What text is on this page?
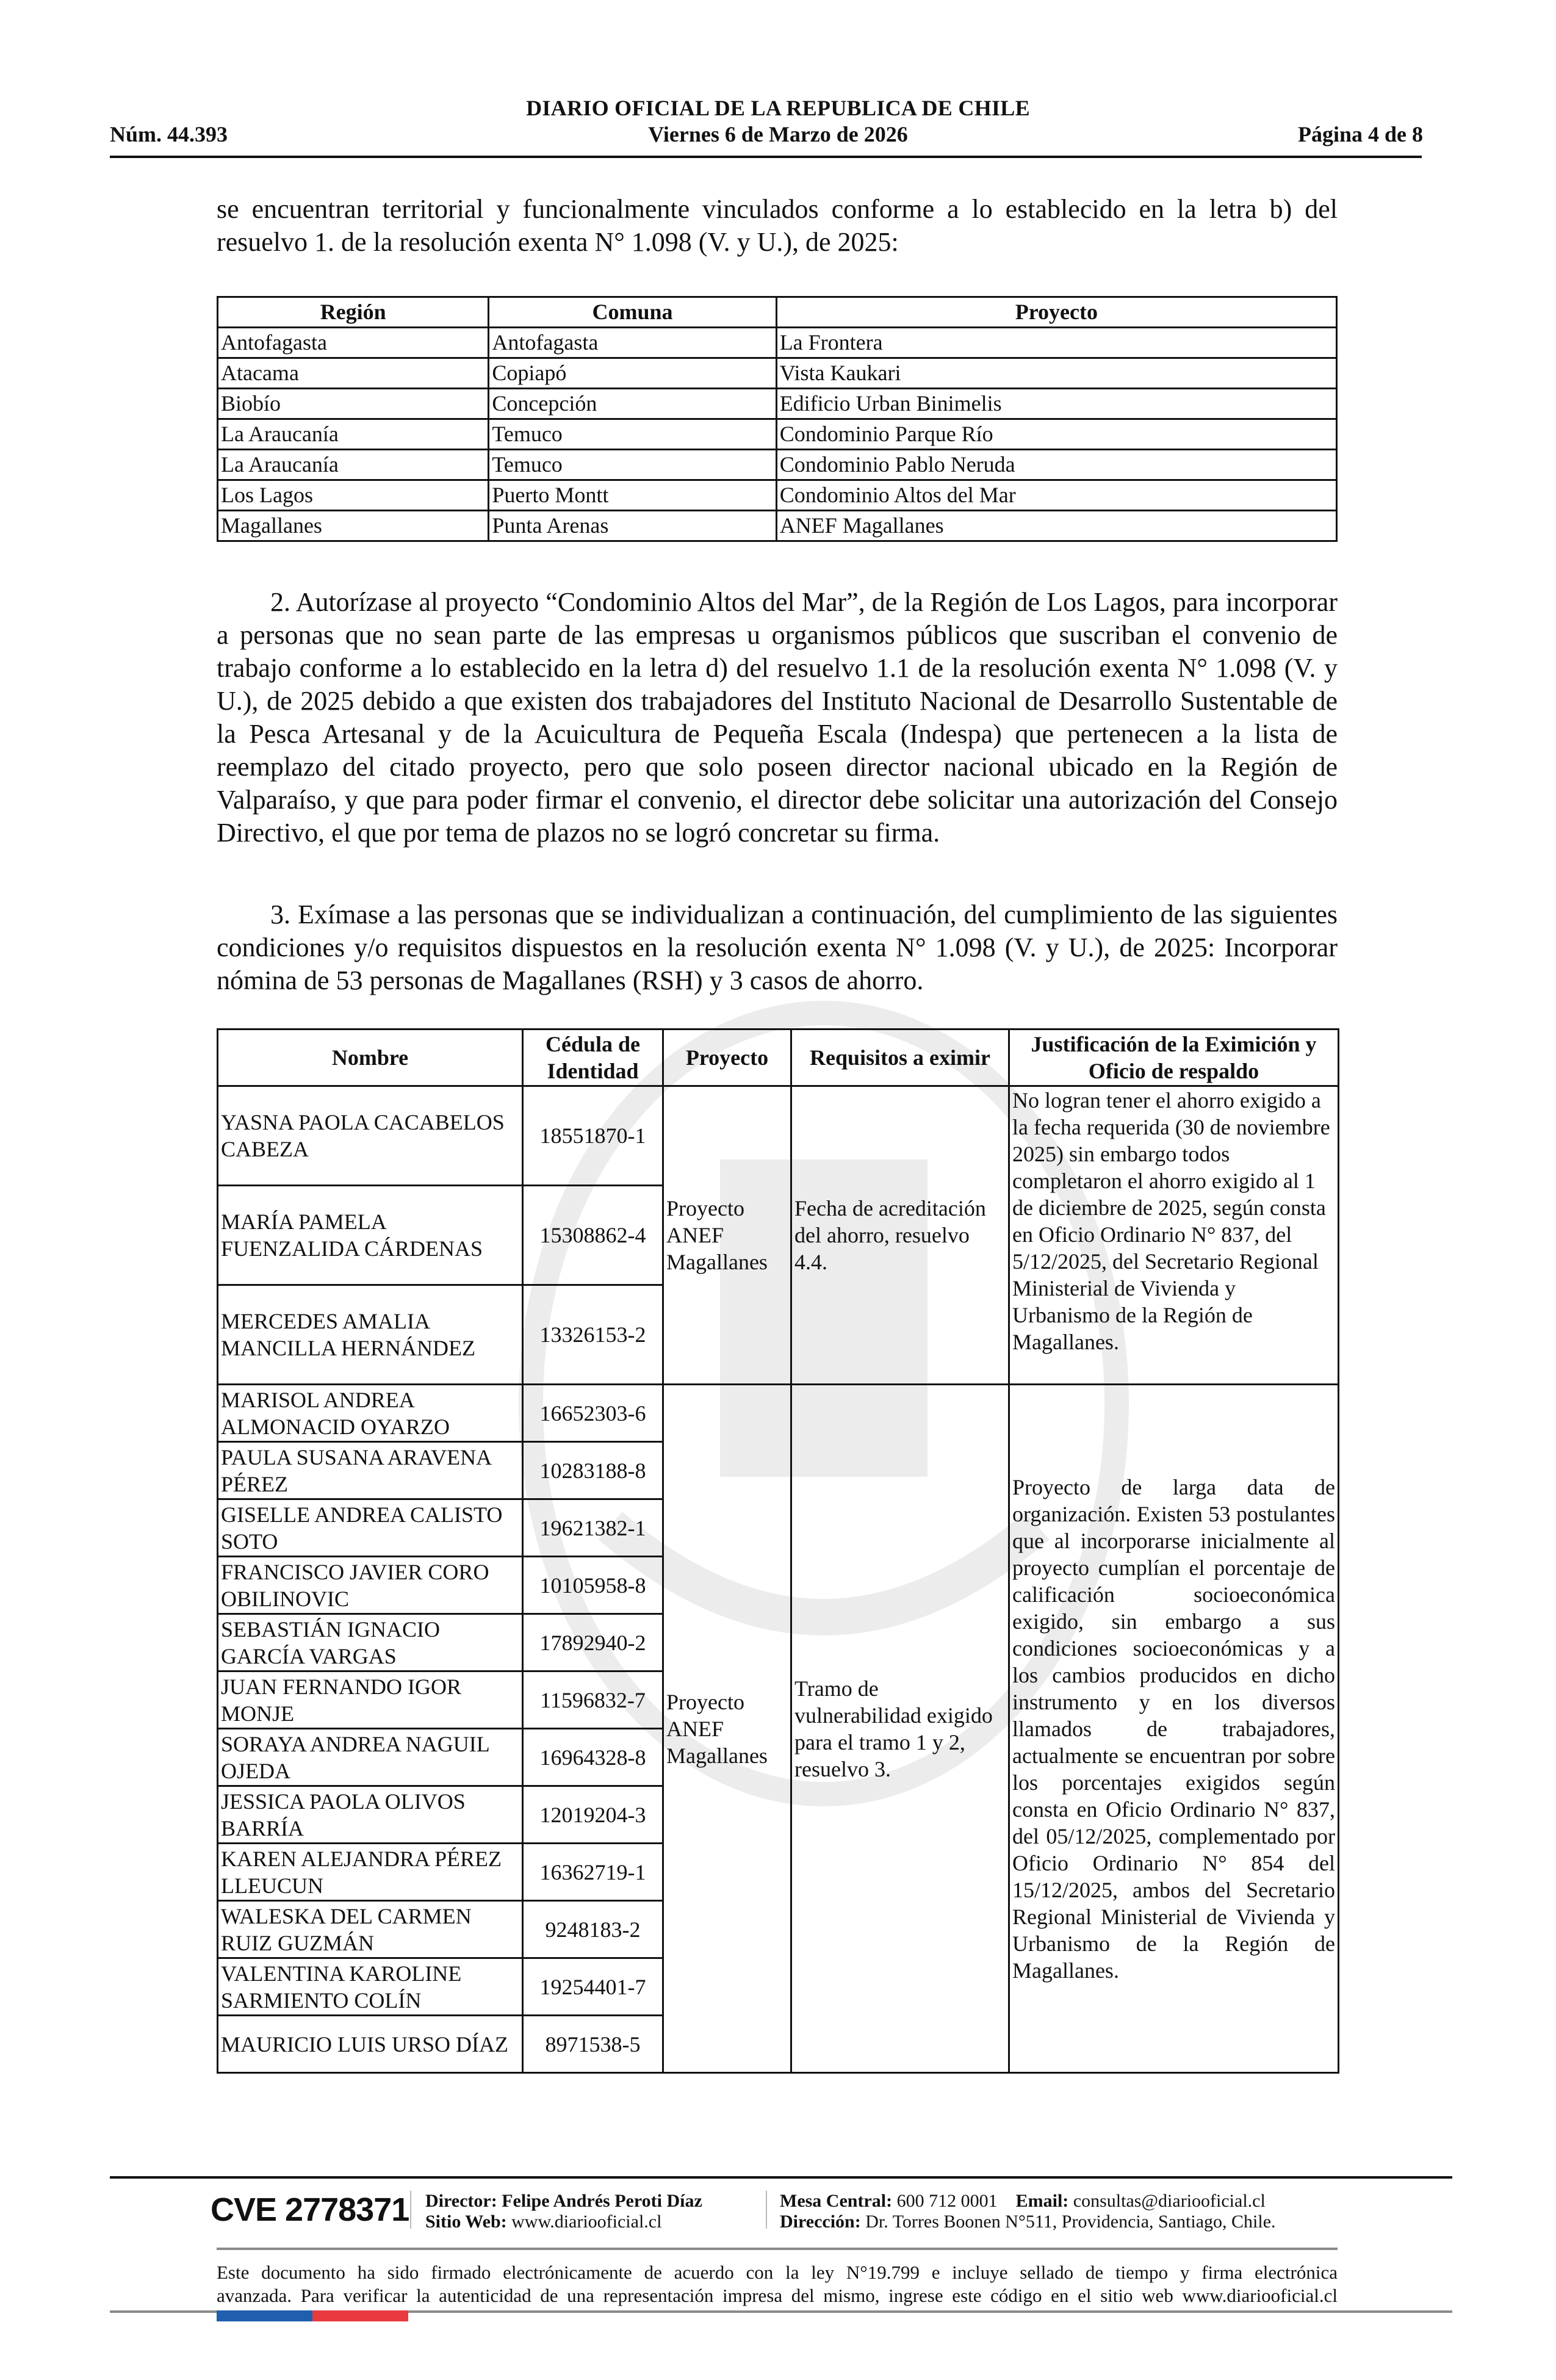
DIARIO OFICIAL DE LA REPUBLICA DE CHILE
Núm. 44.393	Viernes 6 de Marzo de 2026	Página 4 de 8
se encuentran territorial y funcionalmente vinculados conforme a lo establecido en la letra b) del resuelvo 1. de la resolución exenta N° 1.098 (V. y U.), de 2025:
Región	Comuna	Proyecto
Antofagasta	Antofagasta	La Frontera
Atacama	Copiapó	Vista Kaukari
Biobío	Concepción	Edificio Urban Binimelis
La Araucanía	Temuco	Condominio Parque Río
La Araucanía	Temuco	Condominio Pablo Neruda
Los Lagos	Puerto Montt	Condominio Altos del Mar
Magallanes	Punta Arenas	ANEF Magallanes
2. Autorízase al proyecto “Condominio Altos del Mar”, de la Región de Los Lagos, para incorporar a personas que no sean parte de las empresas u organismos públicos que suscriban el convenio de trabajo conforme a lo establecido en la letra d) del resuelvo 1.1 de la resolución exenta N° 1.098 (V. y U.), de 2025 debido a que existen dos trabajadores del Instituto Nacional de Desarrollo Sustentable de la Pesca Artesanal y de la Acuicultura de Pequeña Escala (Indespa) que pertenecen a la lista de reemplazo del citado proyecto, pero que solo poseen director nacional ubicado en la Región de Valparaíso, y que para poder firmar el convenio, el director debe solicitar una autorización del Consejo Directivo, el que por tema de plazos no se logró concretar su firma.
3. Exímase a las personas que se individualizan a continuación, del cumplimiento de las siguientes condiciones y/o requisitos dispuestos en la resolución exenta N° 1.098 (V. y U.), de 2025: Incorporar nómina de 53 personas de Magallanes (RSH) y 3 casos de ahorro.
Nombre	Cédula de Identidad	Proyecto	Requisitos a eximir	Justificación de la Eximición y Oficio de respaldo
YASNA PAOLA CACABELOS CABEZA	18551870-1	Proyecto ANEF Magallanes	Fecha de acreditación del ahorro, resuelvo 4.4.	No logran tener el ahorro exigido a la fecha requerida (30 de noviembre 2025) sin embargo todos completaron el ahorro exigido al 1 de diciembre de 2025, según consta en Oficio Ordinario N° 837, del 5/12/2025, del Secretario Regional Ministerial de Vivienda y Urbanismo de la Región de Magallanes.
MARÍA PAMELA FUENZALIDA CÁRDENAS	15308862-4			
MERCEDES AMALIA MANCILLA HERNÁNDEZ	13326153-2			
MARISOL ANDREA ALMONACID OYARZO	16652303-6	Proyecto ANEF Magallanes	Tramo de vulnerabilidad exigido para el tramo 1 y 2, resuelvo 3.	Proyecto de larga data de organización. Existen 53 postulantes que al incorporarse inicialmente al proyecto cumplían el porcentaje de calificación socioeconómica exigido, sin embargo a sus condiciones socioeconómicas y a los cambios producidos en dicho instrumento y en los diversos llamados de trabajadores, actualmente se encuentran por sobre los porcentajes exigidos según consta en Oficio Ordinario N° 837, del 05/12/2025, complementado por Oficio Ordinario N° 854 del 15/12/2025, ambos del Secretario Regional Ministerial de Vivienda y Urbanismo de la Región de Magallanes.
PAULA SUSANA ARAVENA PÉREZ	10283188-8			
GISELLE ANDREA CALISTO SOTO	19621382-1			
FRANCISCO JAVIER CORO OBILINOVIC	10105958-8			
SEBASTIÁN IGNACIO GARCÍA VARGAS	17892940-2			
JUAN FERNANDO IGOR MONJE	11596832-7			
SORAYA ANDREA NAGUIL OJEDA	16964328-8			
JESSICA PAOLA OLIVOS BARRÍA	12019204-3			
KAREN ALEJANDRA PÉREZ LLEUCUN	16362719-1			
WALESKA DEL CARMEN RUIZ GUZMÁN	9248183-2			
VALENTINA KAROLINE SARMIENTO COLÍN	19254401-7			
MAURICIO LUIS URSO DÍAZ	8971538-5			
CVE 2778371 Director: Felipe Andrés Peroti Díaz
Sitio Web: www.diariooficial.cl
Mesa Central: 600 712 0001 Email: consultas@diariooficial.cl
Dirección: Dr. Torres Boonen N°511, Providencia, Santiago, Chile.
Este documento ha sido firmado electrónicamente de acuerdo con la ley N°19.799 e incluye sellado de tiempo y firma electrónica
avanzada. Para verificar la autenticidad de una representación impresa del mismo, ingrese este código en el sitio web www.diariooficial.cl
